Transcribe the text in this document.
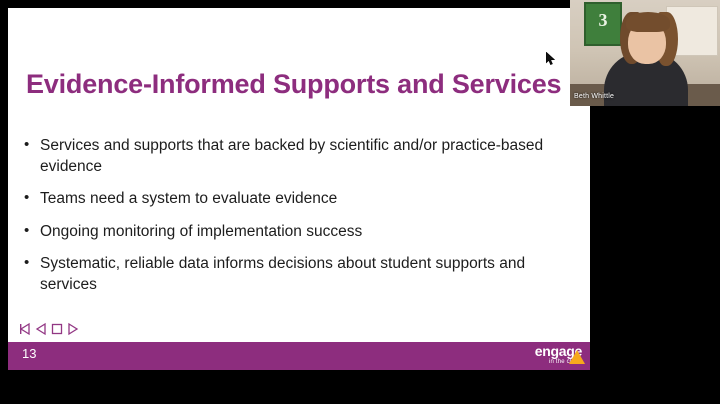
Evidence-Informed Supports and Services
• Services and supports that are backed by scientific and/or practice-based evidence
• Teams need a system to evaluate evidence
• Ongoing monitoring of implementation success
• Systematic, reliable data informs decisions about student supports and services
13	engage
in the cloud
3
Beth Whittle
